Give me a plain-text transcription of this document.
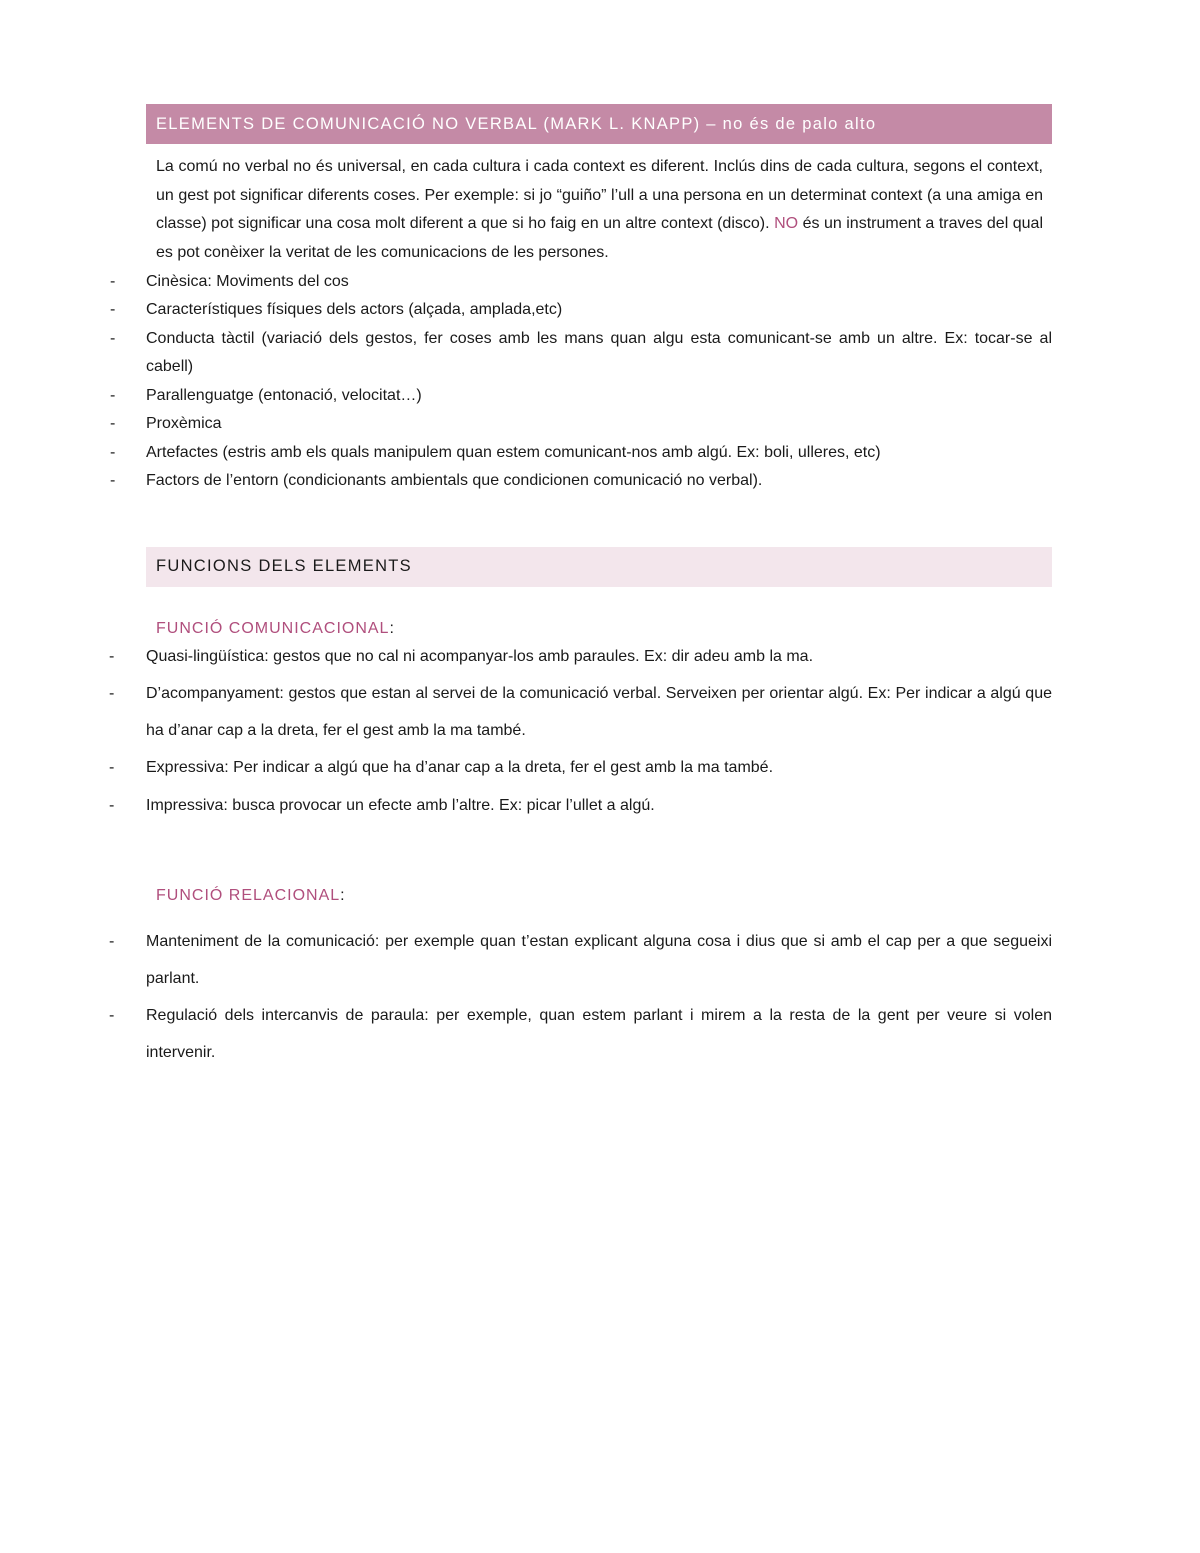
ELEMENTS DE COMUNICACIÓ NO VERBAL (MARK L. KNAPP) – no és de palo alto

La comú no verbal no és universal, en cada cultura i cada context es diferent. Inclús dins de cada cultura, segons el context, un gest pot significar diferents coses. Per exemple: si jo “guiño” l’ull a una persona en un determinat context (a una amiga en classe) pot significar una cosa molt diferent a que si ho faig en un altre context (disco). NO és un instrument a traves del qual es pot conèixer la veritat de les comunicacions de les persones.

- Cinèsica: Moviments del cos
- Característiques físiques dels actors (alçada, amplada,etc)
- Conducta tàctil (variació dels gestos, fer coses amb les mans quan algu esta comunicant-se amb un altre. Ex: tocar-se al cabell)
- Parallenguatge (entonació, velocitat…)
- Proxèmica
- Artefactes (estris amb els quals manipulem quan estem comunicant-nos amb algú. Ex: boli, ulleres, etc)
- Factors de l’entorn (condicionants ambientals que condicionen comunicació no verbal).
FUNCIONS DELS ELEMENTS
FUNCIÓ COMUNICACIONAL:
- Quasi-lingüística: gestos que no cal ni acompanyar-los amb paraules. Ex: dir adeu amb la ma.
- D’acompanyament: gestos que estan al servei de la comunicació verbal. Serveixen per orientar algú. Ex: Per indicar a algú que ha d’anar cap a la dreta, fer el gest amb la ma també.
- Expressiva: Per indicar a algú que ha d’anar cap a la dreta, fer el gest amb la ma també.
- Impressiva: busca provocar un efecte amb l’altre. Ex: picar l’ullet a algú.
FUNCIÓ RELACIONAL:
- Manteniment de la comunicació: per exemple quan t’estan explicant alguna cosa i dius que si amb el cap per a que segueixi parlant.
- Regulació dels intercanvis de paraula: per exemple, quan estem parlant i mirem a la resta de la gent per veure si volen intervenir.
